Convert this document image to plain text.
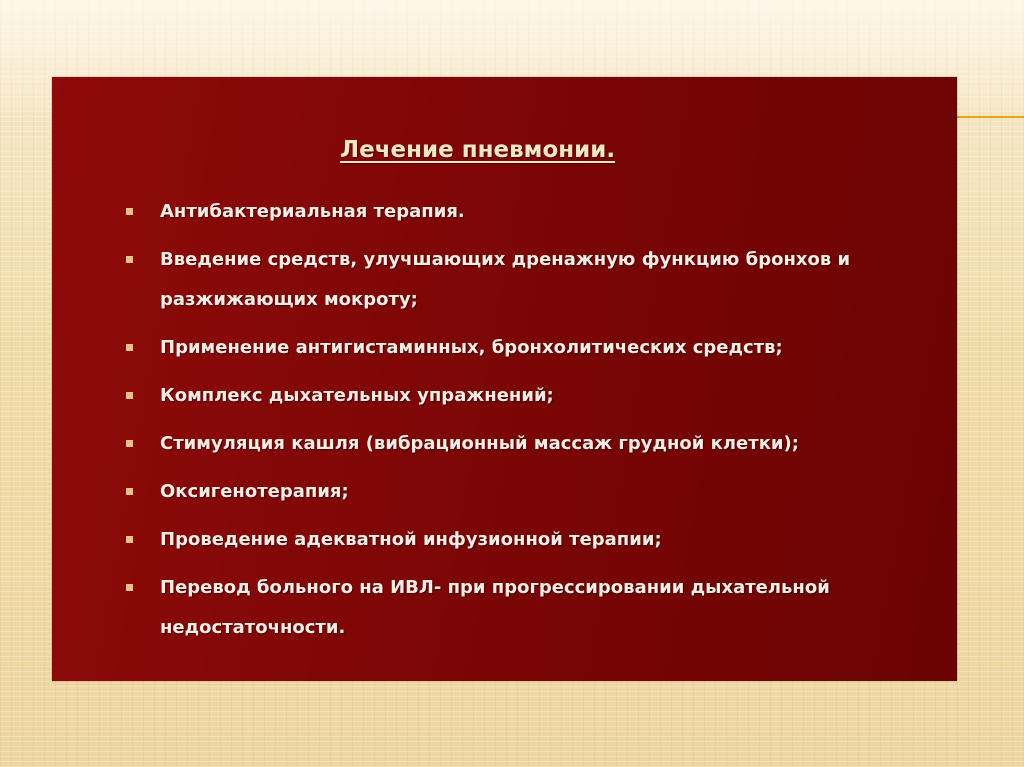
Лечение пневмонии.
Антибактериальная терапия.
Введение средств, улучшающих дренажную функцию бронхов и разжижающих мокроту;
Применение антигистаминных, бронхолитических средств;
Комплекс дыхательных упражнений;
Стимуляция кашля (вибрационный массаж грудной клетки);
Оксигенотерапия;
Проведение адекватной инфузионной терапии;
Перевод больного на ИВЛ- при прогрессировании дыхательной недостаточности.
